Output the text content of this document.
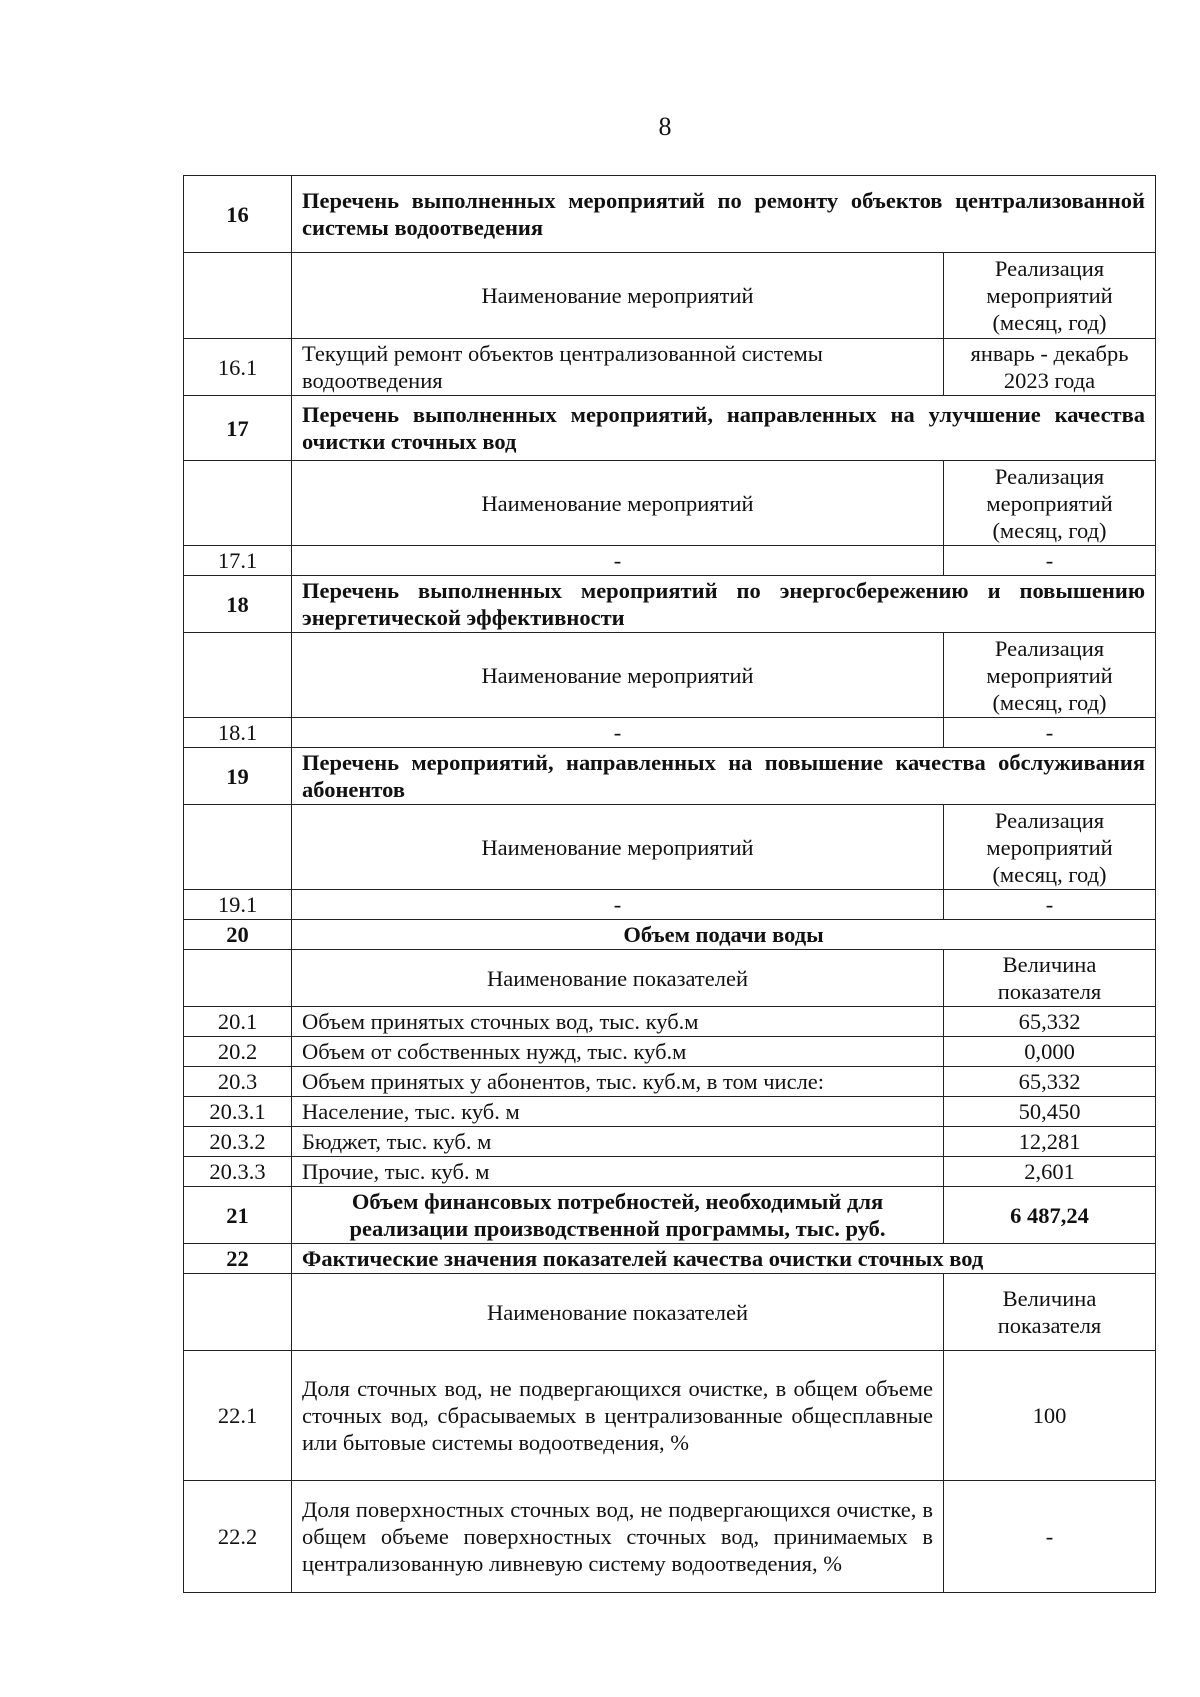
8
16	Перечень выполненных мероприятий по ремонту объектов централизованной системы водоотведения	
	Наименование мероприятий	Реализация мероприятий (месяц, год)
16.1	Текущий ремонт объектов централизованной системы водоотведения	январь - декабрь 2023 года
17	Перечень выполненных мероприятий, направленных на улучшение качества очистки сточных вод	
	Наименование мероприятий	Реализация мероприятий (месяц, год)
17.1	-	-
18	Перечень выполненных мероприятий по энергосбережению и повышению энергетической эффективности	
	Наименование мероприятий	Реализация мероприятий (месяц, год)
18.1	-	-
19	Перечень мероприятий, направленных на повышение качества обслуживания абонентов	
	Наименование мероприятий	Реализация мероприятий (месяц, год)
19.1	-	-
20	Объем подачи воды	
	Наименование показателей	Величина показателя
20.1	Объем принятых сточных вод, тыс. куб.м	65,332
20.2	Объем от собственных нужд, тыс. куб.м	0,000
20.3	Объем принятых у абонентов, тыс. куб.м, в том числе:	65,332
20.3.1	Население, тыс. куб. м	50,450
20.3.2	Бюджет, тыс. куб. м	12,281
20.3.3	Прочие, тыс. куб. м	2,601
21	Объем финансовых потребностей, необходимый для реализации производственной программы, тыс. руб.	6 487,24
22	Фактические значения показателей качества очистки сточных вод	
	Наименование показателей	Величина показателя
22.1	Доля сточных вод, не подвергающихся очистке, в общем объеме сточных вод, сбрасываемых в централизованные общесплавные или бытовые системы водоотведения, %	100
22.2	Доля поверхностных сточных вод, не подвергающихся очистке, в общем объеме поверхностных сточных вод, принимаемых в централизованную ливневую систему водоотведения, %	-
